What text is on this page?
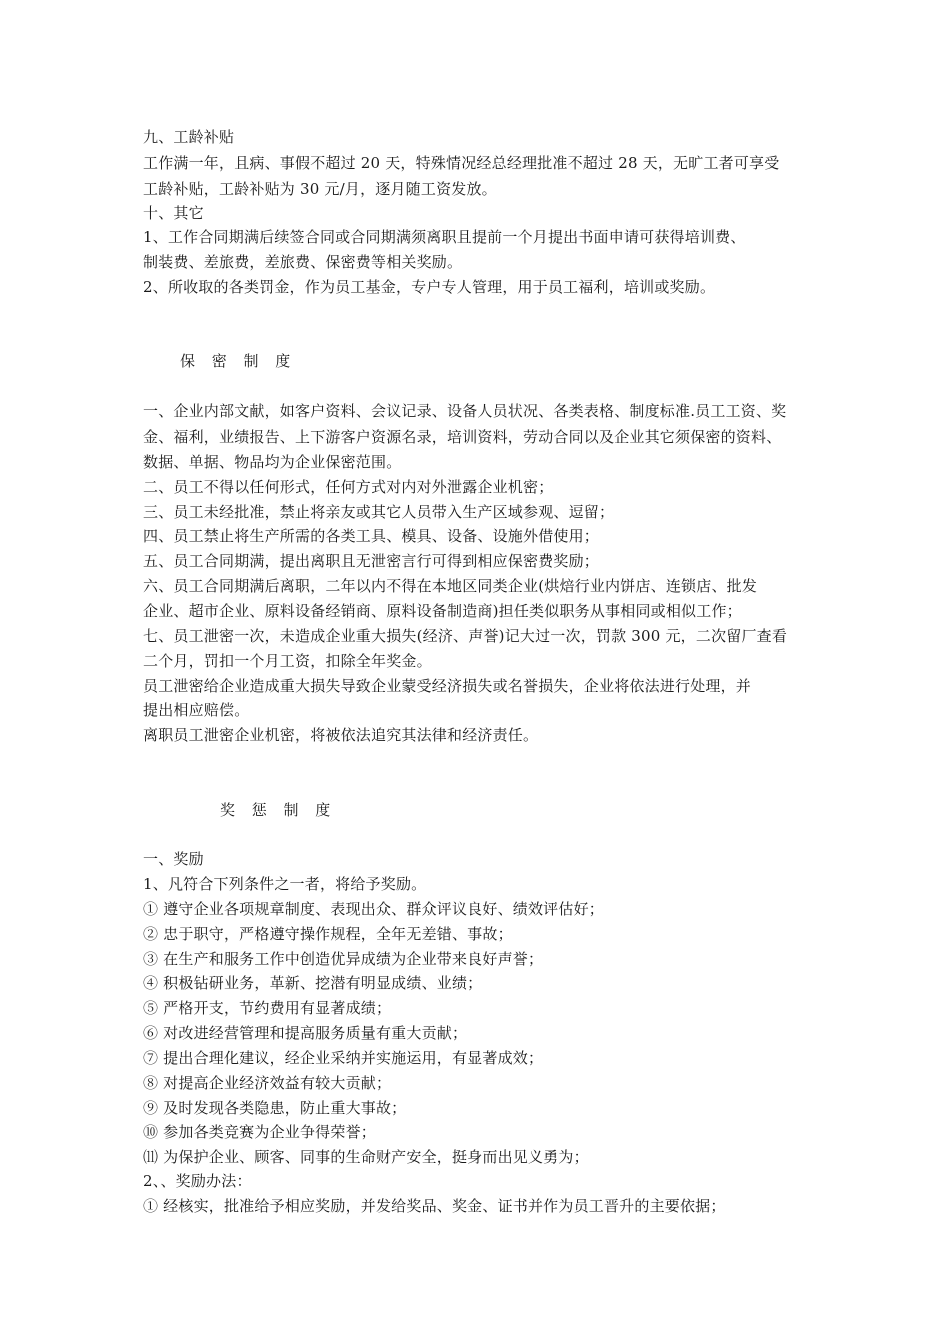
九、工龄补贴
工作满一年，且病、事假不超过 20 天，特殊情况经总经理批准不超过 28 天，无旷工者可享受
工龄补贴，工龄补贴为 30 元/月，逐月随工资发放。
十、其它
1、工作合同期满后续签合同或合同期满须离职且提前一个月提出书面申请可获得培训费、
制装费、差旅费，差旅费、保密费等相关奖励。
2、所收取的各类罚金，作为员工基金，专户专人管理，用于员工福利，培训或奖励。
保 密 制 度
一、企业内部文献，如客户资料、会议记录、设备人员状况、各类表格、制度标准.员工工资、奖
金、福利，业绩报告、上下游客户资源名录，培训资料，劳动合同以及企业其它须保密的资料、
数据、单据、物品均为企业保密范围。
二、员工不得以任何形式，任何方式对内对外泄露企业机密；
三、员工未经批准，禁止将亲友或其它人员带入生产区域参观、逗留；
四、员工禁止将生产所需的各类工具、模具、设备、设施外借使用；
五、员工合同期满，提出离职且无泄密言行可得到相应保密费奖励；
六、员工合同期满后离职，二年以内不得在本地区同类企业(烘焙行业内饼店、连锁店、批发
企业、超市企业、原料设备经销商、原料设备制造商)担任类似职务从事相同或相似工作；
七、员工泄密一次，未造成企业重大损失(经济、声誉)记大过一次，罚款 300 元，二次留厂查看
二个月，罚扣一个月工资，扣除全年奖金。
员工泄密给企业造成重大损失导致企业蒙受经济损失或名誉损失，企业将依法进行处理，并
提出相应赔偿。
离职员工泄密企业机密，将被依法追究其法律和经济责任。
奖 惩 制 度
一、奖励
1、凡符合下列条件之一者，将给予奖励。
① 遵守企业各项规章制度、表现出众、群众评议良好、绩效评估好；
② 忠于职守，严格遵守操作规程，全年无差错、事故；
③ 在生产和服务工作中创造优异成绩为企业带来良好声誉；
④ 积极钻研业务，革新、挖潜有明显成绩、业绩；
⑤ 严格开支，节约费用有显著成绩；
⑥ 对改进经营管理和提高服务质量有重大贡献；
⑦ 提出合理化建议，经企业采纳并实施运用，有显著成效；
⑧ 对提高企业经济效益有较大贡献；
⑨ 及时发现各类隐患，防止重大事故；
⑩ 参加各类竞赛为企业争得荣誉；
⑾ 为保护企业、顾客、同事的生命财产安全，挺身而出见义勇为；
2、、奖励办法：
① 经核实，批准给予相应奖励，并发给奖品、奖金、证书并作为员工晋升的主要依据；
